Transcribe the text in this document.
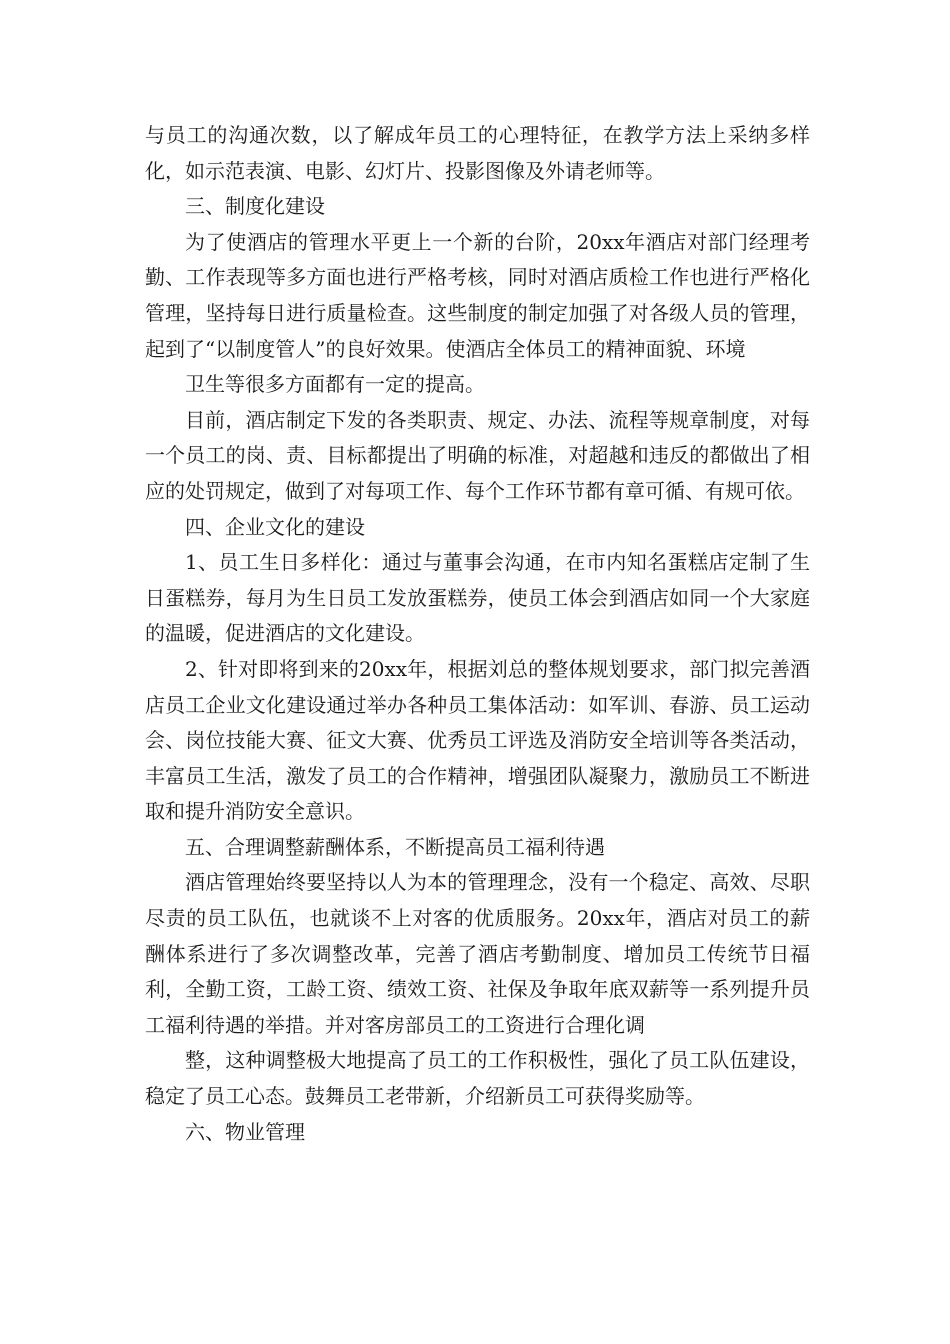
与员工的沟通次数，以了解成年员工的心理特征，在教学方法上采纳多样化，如示范表演、电影、幻灯片、投影图像及外请老师等。

三、制度化建设

为了使酒店的管理水平更上一个新的台阶，20xx年酒店对部门经理考勤、工作表现等多方面也进行严格考核，同时对酒店质检工作也进行严格化管理，坚持每日进行质量检查。这些制度的制定加强了对各级人员的管理，起到了“以制度管人”的良好效果。使酒店全体员工的精神面貌、环境

卫生等很多方面都有一定的提高。

目前，酒店制定下发的各类职责、规定、办法、流程等规章制度，对每一个员工的岗、责、目标都提出了明确的标准，对超越和违反的都做出了相应的处罚规定，做到了对每项工作、每个工作环节都有章可循、有规可依。

四、企业文化的建设

1、员工生日多样化：通过与董事会沟通，在市内知名蛋糕店定制了生日蛋糕券，每月为生日员工发放蛋糕券，使员工体会到酒店如同一个大家庭的温暖，促进酒店的文化建设。

2、针对即将到来的20xx年，根据刘总的整体规划要求，部门拟完善酒店员工企业文化建设通过举办各种员工集体活动：如军训、春游、员工运动会、岗位技能大赛、征文大赛、优秀员工评选及消防安全培训等各类活动，丰富员工生活，激发了员工的合作精神，增强团队凝聚力，激励员工不断进取和提升消防安全意识。

五、合理调整薪酬体系，不断提高员工福利待遇

酒店管理始终要坚持以人为本的管理理念，没有一个稳定、高效、尽职尽责的员工队伍，也就谈不上对客的优质服务。20xx年，酒店对员工的薪酬体系进行了多次调整改革，完善了酒店考勤制度、增加员工传统节日福利，全勤工资，工龄工资、绩效工资、社保及争取年底双薪等一系列提升员工福利待遇的举措。并对客房部员工的工资进行合理化调

整，这种调整极大地提高了员工的工作积极性，强化了员工队伍建设，稳定了员工心态。鼓舞员工老带新，介绍新员工可获得奖励等。

六、物业管理
